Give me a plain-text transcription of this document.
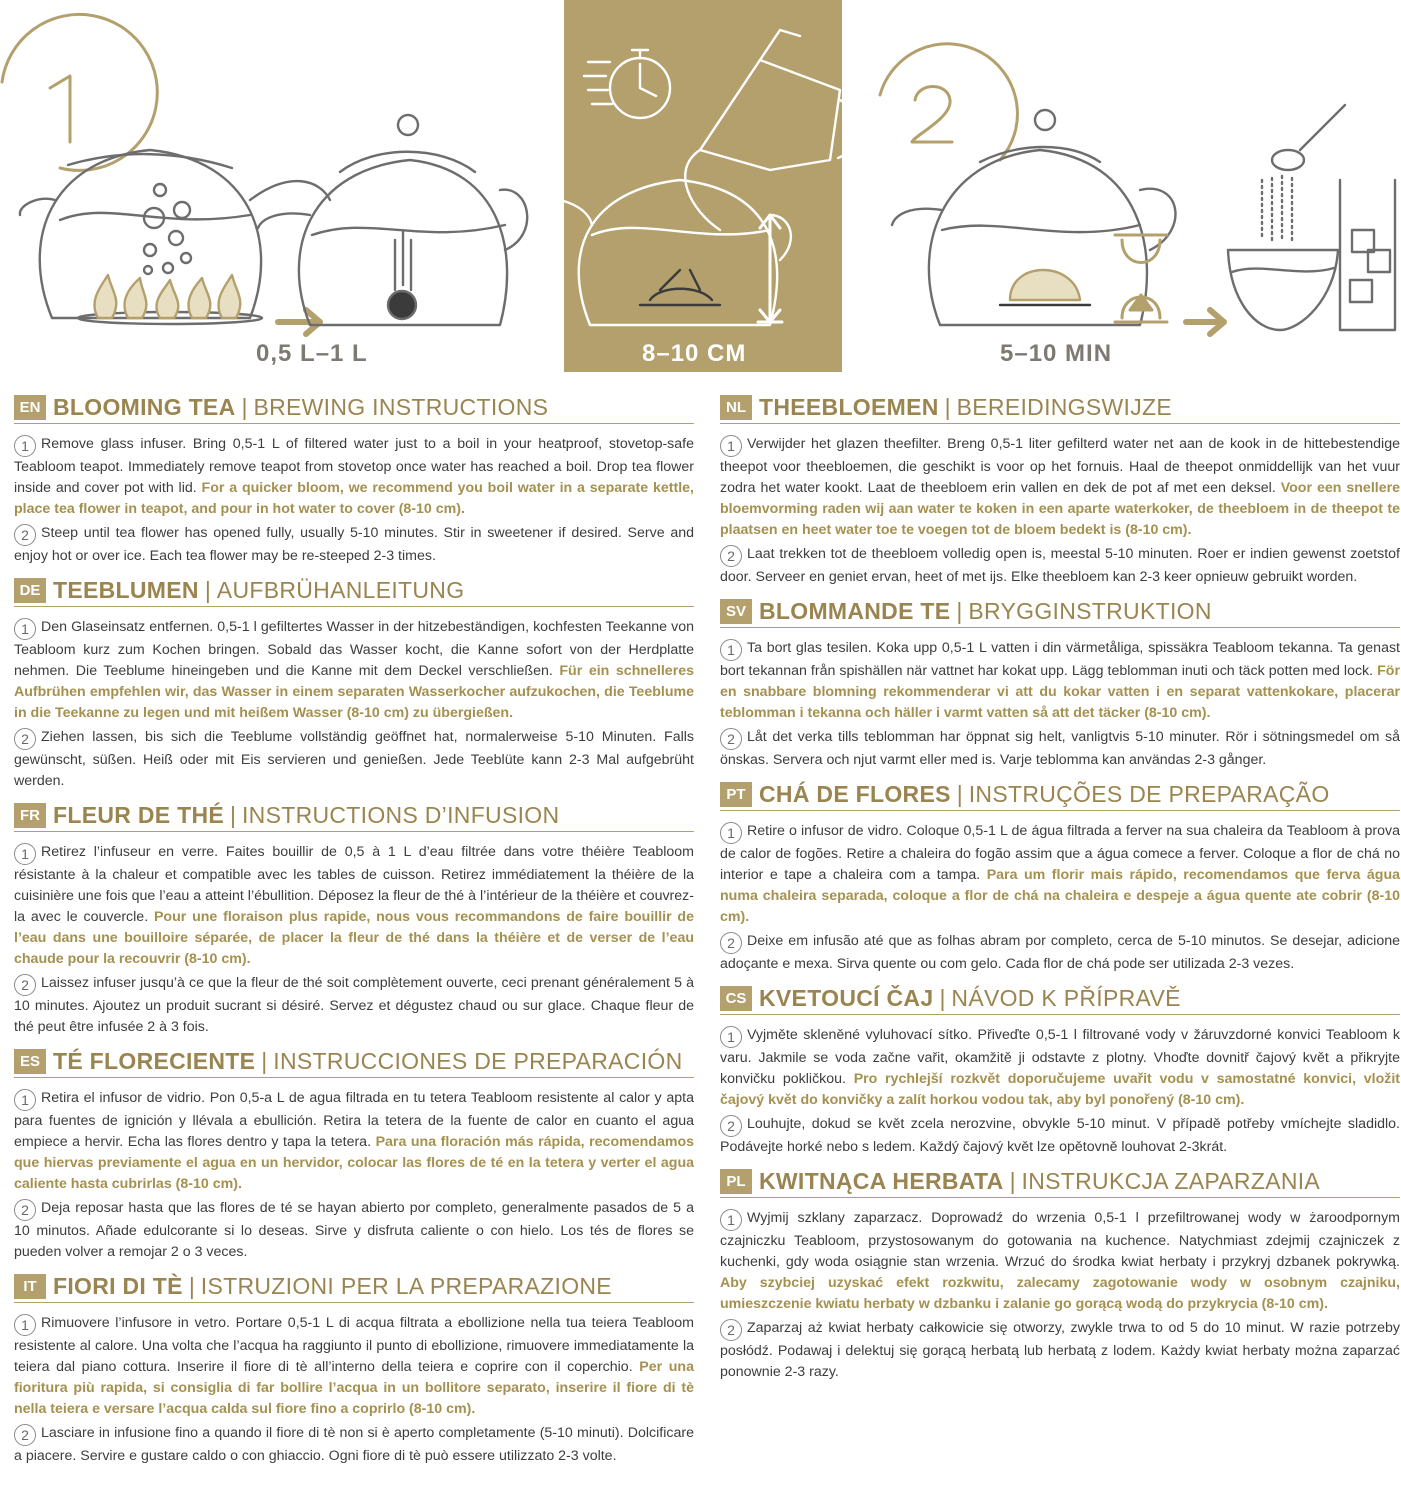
0,5 L–1 L	8–10 CM	5–10 MIN
EN BLOOMING TEA | BREWING INSTRUCTIONS

1 Remove glass infuser. Bring 0,5-1 L of filtered water just to a boil in your heatproof, stovetop-safe Teabloom teapot. Immediately remove teapot from stovetop once water has reached a boil. Drop tea flower inside and cover pot with lid. For a quicker bloom, we recommend you boil water in a separate kettle, place tea flower in teapot, and pour in hot water to cover (8-10 cm).

2 Steep until tea flower has opened fully, usually 5-10 minutes. Stir in sweetener if desired. Serve and enjoy hot or over ice. Each tea flower may be re-steeped 2-3 times.

DE TEEBLUMEN | AUFBRÜHANLEITUNG

1 Den Glaseinsatz entfernen. 0,5-1 l gefiltertes Wasser in der hitzebeständigen, kochfesten Teekanne von Teabloom kurz zum Kochen bringen. Sobald das Wasser kocht, die Kanne sofort von der Herdplatte nehmen. Die Teeblume hineingeben und die Kanne mit dem Deckel verschließen. Für ein schnelleres Aufbrühen empfehlen wir, das Wasser in einem separaten Wasserkocher aufzukochen, die Teeblume in die Teekanne zu legen und mit heißem Wasser (8-10 cm) zu übergießen.

2 Ziehen lassen, bis sich die Teeblume vollständig geöffnet hat, normalerweise 5-10 Minuten. Falls gewünscht, süßen. Heiß oder mit Eis servieren und genießen. Jede Teeblüte kann 2-3 Mal aufgebrüht werden.

FR FLEUR DE THÉ | INSTRUCTIONS D’INFUSION

1 Retirez l’infuseur en verre. Faites bouillir de 0,5 à 1 L d’eau filtrée dans votre théière Teabloom résistante à la chaleur et compatible avec les tables de cuisson. Retirez immédiatement la théière de la cuisinière une fois que l’eau a atteint l’ébullition. Déposez la fleur de thé à l’intérieur de la théière et couvrez-la avec le couvercle. Pour une floraison plus rapide, nous vous recommandons de faire bouillir de l’eau dans une bouilloire séparée, de placer la fleur de thé dans la théière et de verser de l’eau chaude pour la recouvrir (8-10 cm).

2 Laissez infuser jusqu’à ce que la fleur de thé soit complètement ouverte, ceci prenant généralement 5 à 10 minutes. Ajoutez un produit sucrant si désiré. Servez et dégustez chaud ou sur glace. Chaque fleur de thé peut être infusée 2 à 3 fois.

ES TÉ FLORECIENTE | INSTRUCCIONES DE PREPARACIÓN

1 Retira el infusor de vidrio. Pon 0,5-a L de agua filtrada en tu tetera Teabloom resistente al calor y apta para fuentes de ignición y llévala a ebullición. Retira la tetera de la fuente de calor en cuanto el agua empiece a hervir. Echa las flores dentro y tapa la tetera. Para una floración más rápida, recomendamos que hiervas previamente el agua en un hervidor, colocar las flores de té en la tetera y verter el agua caliente hasta cubrirlas (8-10 cm).

2 Deja reposar hasta que las flores de té se hayan abierto por completo, generalmente pasados de 5 a 10 minutos. Añade edulcorante si lo deseas. Sirve y disfruta caliente o con hielo. Los tés de flores se pueden volver a remojar 2 o 3 veces.

IT FIORI DI TÈ | ISTRUZIONI PER LA PREPARAZIONE

1 Rimuovere l’infusore in vetro. Portare 0,5-1 L di acqua filtrata a ebollizione nella tua teiera Teabloom resistente al calore. Una volta che l’acqua ha raggiunto il punto di ebollizione, rimuovere immediatamente la teiera dal piano cottura. Inserire il fiore di tè all’interno della teiera e coprire con il coperchio. Per una fioritura più rapida, si consiglia di far bollire l’acqua in un bollitore separato, inserire il fiore di tè nella teiera e versare l’acqua calda sul fiore fino a coprirlo (8-10 cm).

2 Lasciare in infusione fino a quando il fiore di tè non si è aperto completamente (5-10 minuti). Dolcificare a piacere. Servire e gustare caldo o con ghiaccio. Ogni fiore di tè può essere utilizzato 2-3 volte.

NL THEEBLOEMEN | BEREIDINGSWIJZE

1 Verwijder het glazen theefilter. Breng 0,5-1 liter gefilterd water net aan de kook in de hittebestendige theepot voor theebloemen, die geschikt is voor op het fornuis. Haal de theepot onmiddellijk van het vuur zodra het water kookt. Laat de theebloem erin vallen en dek de pot af met een deksel. Voor een snellere bloemvorming raden wij aan water te koken in een aparte waterkoker, de theebloem in de theepot te plaatsen en heet water toe te voegen tot de bloem bedekt is (8-10 cm).

2 Laat trekken tot de theebloem volledig open is, meestal 5-10 minuten. Roer er indien gewenst zoetstof door. Serveer en geniet ervan, heet of met ijs. Elke theebloem kan 2-3 keer opnieuw gebruikt worden.

SV BLOMMANDE TE | BRYGGINSTRUKTION

1 Ta bort glas tesilen. Koka upp 0,5-1 L vatten i din värmetåliga, spissäkra Teabloom tekanna. Ta genast bort tekannan från spishällen när vattnet har kokat upp. Lägg teblomman inuti och täck potten med lock. För en snabbare blomning rekommenderar vi att du kokar vatten i en separat vattenkokare, placerar teblomman i tekanna och häller i varmt vatten så att det täcker (8-10 cm).

2 Låt det verka tills teblomman har öppnat sig helt, vanligtvis 5-10 minuter. Rör i sötningsmedel om så önskas. Servera och njut varmt eller med is. Varje teblomma kan användas 2-3 gånger.

PT CHÁ DE FLORES | INSTRUÇÕES DE PREPARAÇÃO

1 Retire o infusor de vidro. Coloque 0,5-1 L de água filtrada a ferver na sua chaleira da Teabloom à prova de calor de fogões. Retire a chaleira do fogão assim que a água comece a ferver. Coloque a flor de chá no interior e tape a chaleira com a tampa. Para um florir mais rápido, recomendamos que ferva água numa chaleira separada, coloque a flor de chá na chaleira e despeje a água quente ate cobrir (8-10 cm).

2 Deixe em infusão até que as folhas abram por completo, cerca de 5-10 minutos. Se desejar, adicione adoçante e mexa. Sirva quente ou com gelo. Cada flor de chá pode ser utilizada 2-3 vezes.

CS KVETOUCÍ ČAJ | NÁVOD K PŘÍPRAVĚ

1 Vyjměte skleněné vyluhovací sítko. Přiveďte 0,5-1 l filtrované vody v žáruvzdorné konvici Teabloom k varu. Jakmile se voda začne vařit, okamžitě ji odstavte z plotny. Vhoďte dovnitř čajový květ a přikryjte konvičku pokličkou. Pro rychlejší rozkvět doporučujeme uvařit vodu v samostatné konvici, vložit čajový květ do konvičky a zalít horkou vodou tak, aby byl ponořený (8-10 cm).

2 Louhujte, dokud se květ zcela nerozvine, obvykle 5-10 minut. V případě potřeby vmíchejte sladidlo. Podávejte horké nebo s ledem. Každý čajový květ lze opětovně louhovat 2-3krát.

PL KWITNĄCA HERBATA | INSTRUKCJA ZAPARZANIA

1 Wyjmij szklany zaparzacz. Doprowadź do wrzenia 0,5-1 l przefiltrowanej wody w żaroodpornym czajniczku Teabloom, przystosowanym do gotowania na kuchence. Natychmiast zdejmij czajniczek z kuchenki, gdy woda osiągnie stan wrzenia. Wrzuć do środka kwiat herbaty i przykryj dzbanek pokrywką. Aby szybciej uzyskać efekt rozkwitu, zalecamy zagotowanie wody w osobnym czajniku, umieszczenie kwiatu herbaty w dzbanku i zalanie go gorącą wodą do przykrycia (8-10 cm).

2 Zaparzaj aż kwiat herbaty całkowicie się otworzy, zwykle trwa to od 5 do 10 minut. W razie potrzeby posłódź. Podawaj i delektuj się gorącą herbatą lub herbatą z lodem. Każdy kwiat herbaty można zaparzać ponownie 2-3 razy.
